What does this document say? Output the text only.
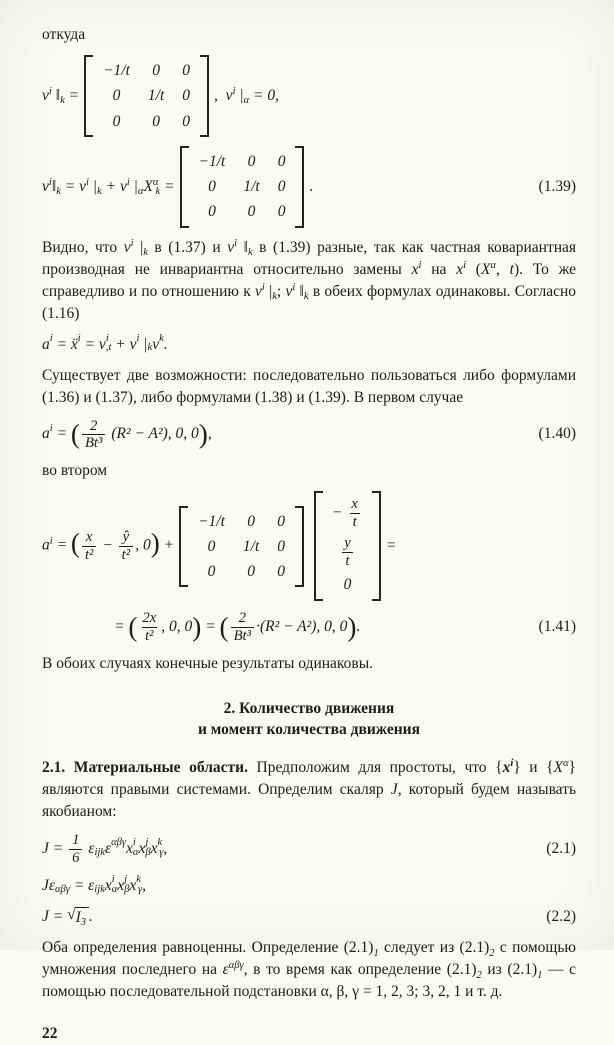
откуда

$v^i$ $‖_k$ =
−1/t 0 0
0 1/t 0
0 0 0
,  $v^i$ $|_\alpha = 0$,
$v^i‖_k = v^i$ $|_k + v^i$ $|_\alpha X^\alpha_k$ =
−1/t 0 0
0 1/t 0
0 0 0
.	(1.39)

Видно, что $v^i$ $|_k$ в (1.37) и $v^i$ $‖_k$ в (1.39) разные, так как частная ковариантная производная не инвариантна относительно замены $x^i$ на $x^i$ ($X^\alpha$, t). То же справедливо и по отношению к $v^i$ $|_k$; $v^i$ $‖_k$ в обеих формулах одинаковы. Согласно (1.16)

$a^i$ = ẍ$^i$ = $v^i$
$_{,t} + v^i$ $|_k$ $v^k$ .

Существует две возможности: последовательно пользоваться либо формулами (1.36) и (1.37), либо формулами (1.38) и (1.39). В первом случае

$a^i$ = ( $\frac{2}{\text{Bt³}} (R^2 - A^2)$, 0, 0 ) ,	(1.40)

во втором

$a^i$ = ( $\frac{x}{\text{t²}} - \frac{ŷ}{\text{t²}}$ , 0) +
−1/t 0 0
0 1/t 0
0 0 0
− $\frac{x}{t}$
$\frac{y}{t}$
0
=
= ( $\frac{2x}{\text{t²}}$ , 0, 0 ) = ( $\frac{2}{\text{Bt³}} \cdot(R^2 - A^2)$, 0, 0 ) .	(1.41)

В обоих случаях конечные результаты одинаковы.

2. Количество движения
и момент количества движения

2.1. Материальные области. Предположим для простоты, что $\{x^i\}$ и $\{X^\alpha\}$ являются правыми системами. Определим скаляр J, который будем называть якобианом:

$J = \frac{1}{6} \varepsilon_{ijk}$ $\varepsilon^{\alpha\beta\gamma}$ $x^i$
$_\alpha$ $x^j$
$_\beta$ $x^k$
$_\gamma$ ,	(2.1)
$J\varepsilon_{\alpha\beta\gamma} = \varepsilon_{ijk}$ $x^i$
$_\alpha$ $x^j$
$_\beta$ $x^k$
$_\gamma$ ,
J = √ $I_3$ .	(2.2)

Оба определения равноценны. Определение $(2.1)_1$ следует из $(2.1)_2$ с помощью умножения последнего на $\varepsilon^{\alpha\beta\gamma}$, в то время как определение $(2.1)_2$ из $(2.1)_1$ — с помощью последовательной подстановки α, β, γ = 1, 2, 3; 3, 2, 1 и т. д.

22
